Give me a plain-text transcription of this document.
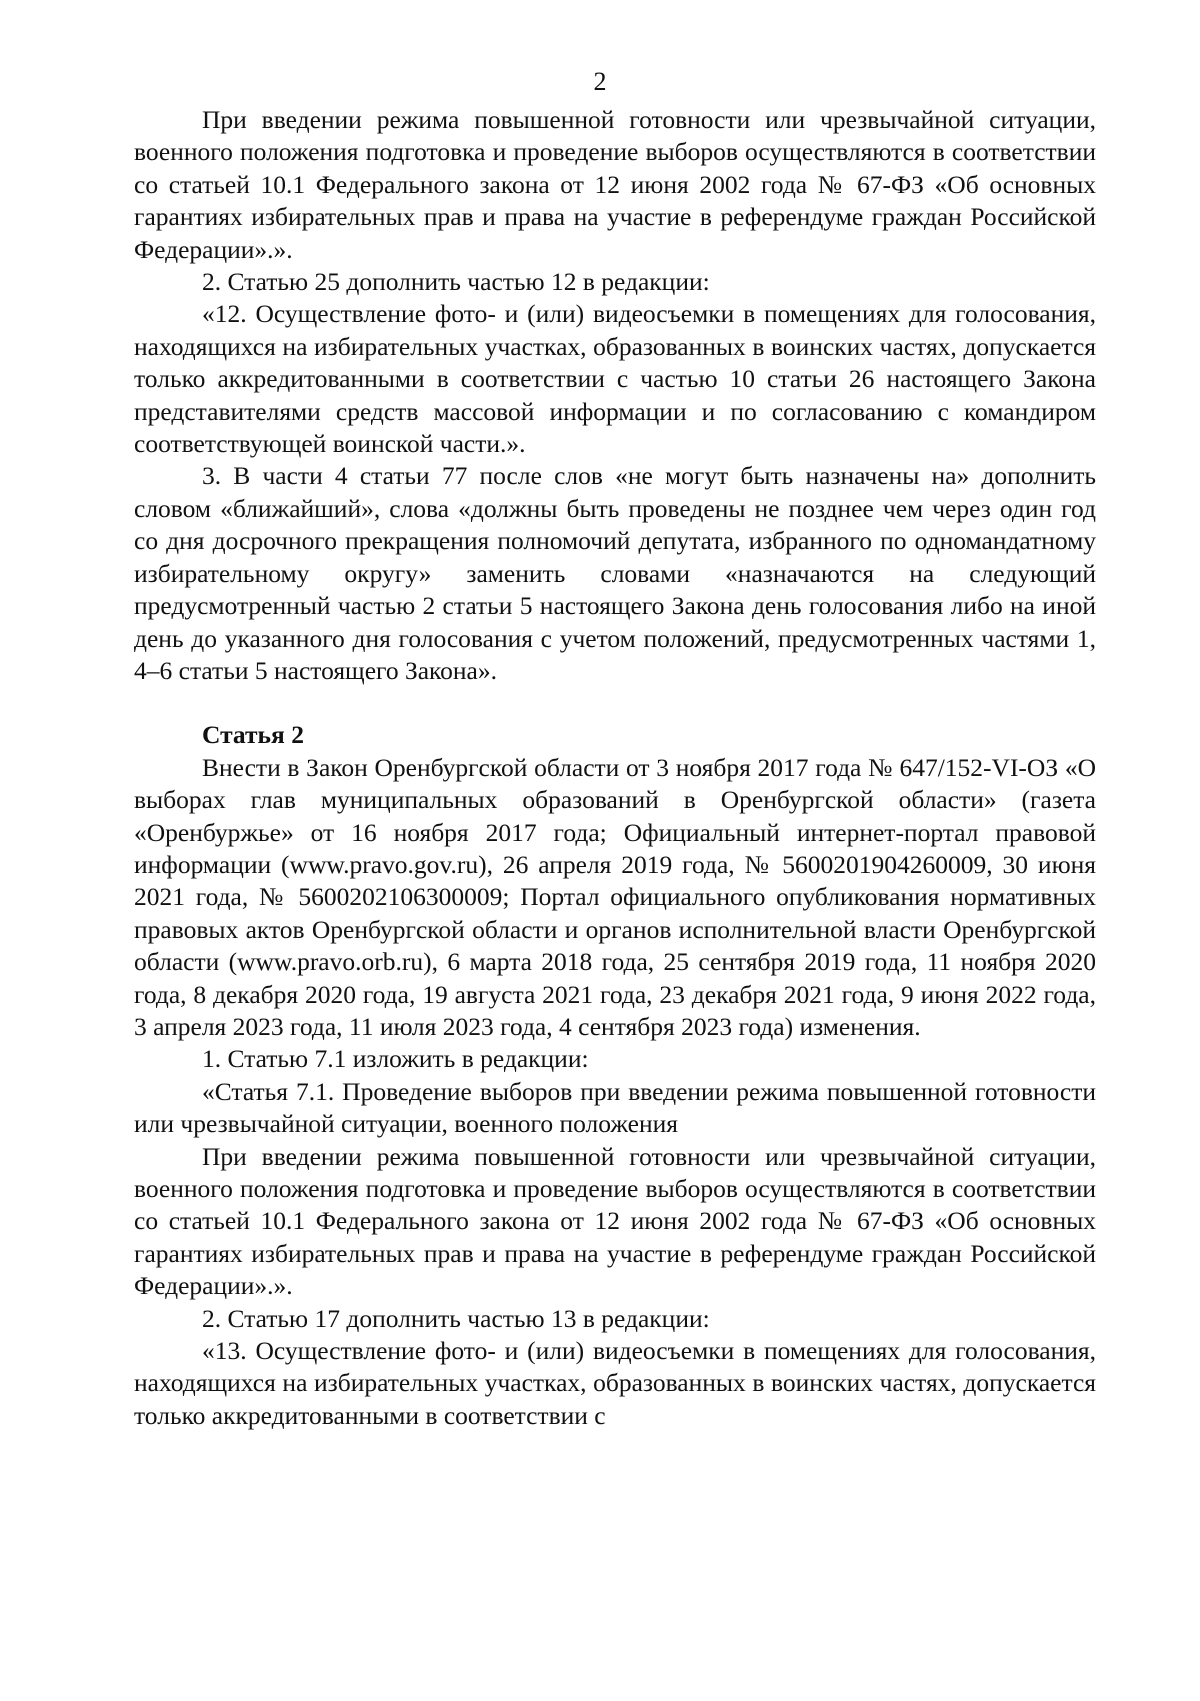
2

При введении режима повышенной готовности или чрезвычайной ситуации, военного положения подготовка и проведение выборов осуществляются в соответствии со статьей 10.1 Федерального закона от 12 июня 2002 года № 67-ФЗ «Об основных гарантиях избирательных прав и права на участие в референдуме граждан Российской Федерации».».

2. Статью 25 дополнить частью 12 в редакции:

«12. Осуществление фото- и (или) видеосъемки в помещениях для голосования, находящихся на избирательных участках, образованных в воинских частях, допускается только аккредитованными в соответствии с частью 10 статьи 26 настоящего Закона представителями средств массовой информации и по согласованию с командиром соответствующей воинской части.».

3. В части 4 статьи 77 после слов «не могут быть назначены на» дополнить словом «ближайший», слова «должны быть проведены не позднее чем через один год со дня досрочного прекращения полномочий депутата, избранного по одномандатному избирательному округу» заменить словами «назначаются на следующий предусмотренный частью 2 статьи 5 настоящего Закона день голосования либо на иной день до указанного дня голосования с учетом положений, предусмотренных частями 1, 4–6 статьи 5 настоящего Закона».

Статья 2

Внести в Закон Оренбургской области от 3 ноября 2017 года № 647/152-VI-ОЗ «О выборах глав муниципальных образований в Оренбургской области» (газета «Оренбуржье» от 16 ноября 2017 года; Официальный интернет-портал правовой информации (www.pravo.gov.ru), 26 апреля 2019 года, № 5600201904260009, 30 июня 2021 года, № 5600202106300009; Портал официального опубликования нормативных правовых актов Оренбургской области и органов исполнительной власти Оренбургской области (www.pravo.orb.ru), 6 марта 2018 года, 25 сентября 2019 года, 11 ноября 2020 года, 8 декабря 2020 года, 19 августа 2021 года, 23 декабря 2021 года, 9 июня 2022 года, 3 апреля 2023 года, 11 июля 2023 года, 4 сентября 2023 года) изменения.

1. Статью 7.1 изложить в редакции:

«Статья 7.1. Проведение выборов при введении режима повышенной готовности или чрезвычайной ситуации, военного положения

При введении режима повышенной готовности или чрезвычайной ситуации, военного положения подготовка и проведение выборов осуществляются в соответствии со статьей 10.1 Федерального закона от 12 июня 2002 года № 67-ФЗ «Об основных гарантиях избирательных прав и права на участие в референдуме граждан Российской Федерации».».

2. Статью 17 дополнить частью 13 в редакции:

«13. Осуществление фото- и (или) видеосъемки в помещениях для голосования, находящихся на избирательных участках, образованных в воинских частях, допускается только аккредитованными в соответствии с
